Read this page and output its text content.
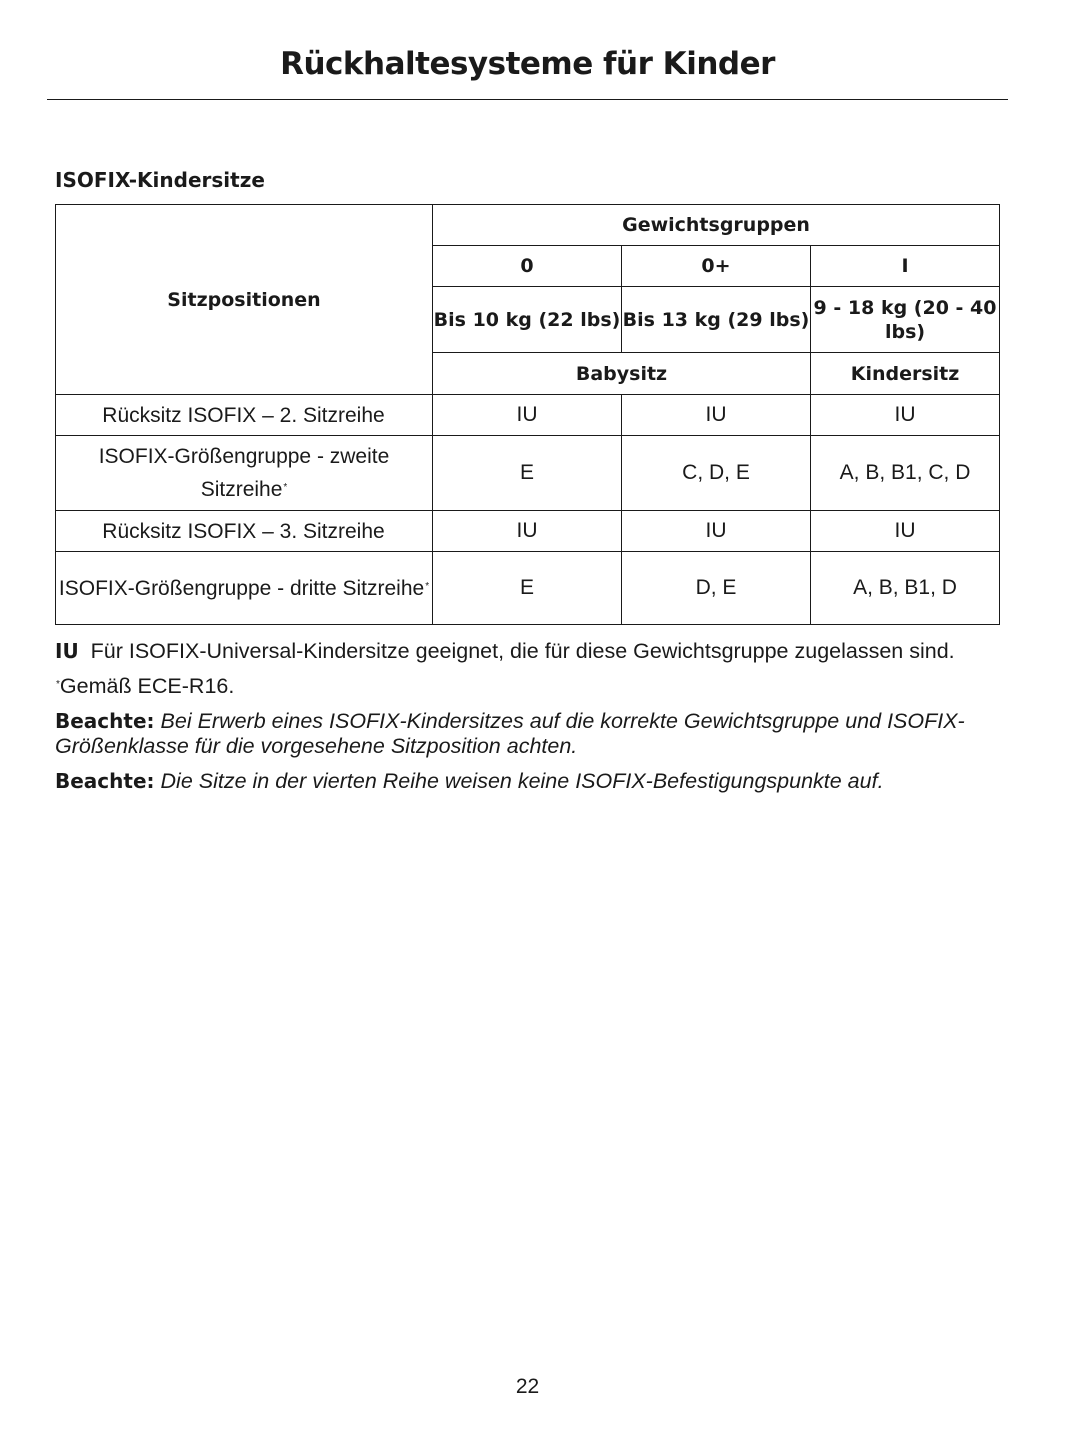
Rückhaltesysteme für Kinder
ISOFIX-Kindersitze
Sitzpositionen	Gewichtsgruppen		
	0	0+	I
	Bis 10 kg (22 lbs)	Bis 13 kg (29 lbs)	9 - 18 kg (20 - 40 lbs)
	Babysitz		Kindersitz
Rücksitz ISOFIX – 2. Sitzreihe	IU	IU	IU
ISOFIX-Größengruppe - zweite Sitzreihe*	E	C, D, E	A, B, B1, C, D
Rücksitz ISOFIX – 3. Sitzreihe	IU	IU	IU
ISOFIX-Größengruppe - dritte Sitzreihe*	E	D, E	A, B, B1, D

IU Für ISOFIX-Universal-Kindersitze geeignet, die für diese Gewichtsgruppe zugelassen sind.

*Gemäß ECE-R16.

Beachte: Bei Erwerb eines ISOFIX-Kindersitzes auf die korrekte Gewichtsgruppe und ISOFIX-Größenklasse für die vorgesehene Sitzposition achten.

Beachte: Die Sitze in der vierten Reihe weisen keine ISOFIX-Befestigungspunkte auf.

22
